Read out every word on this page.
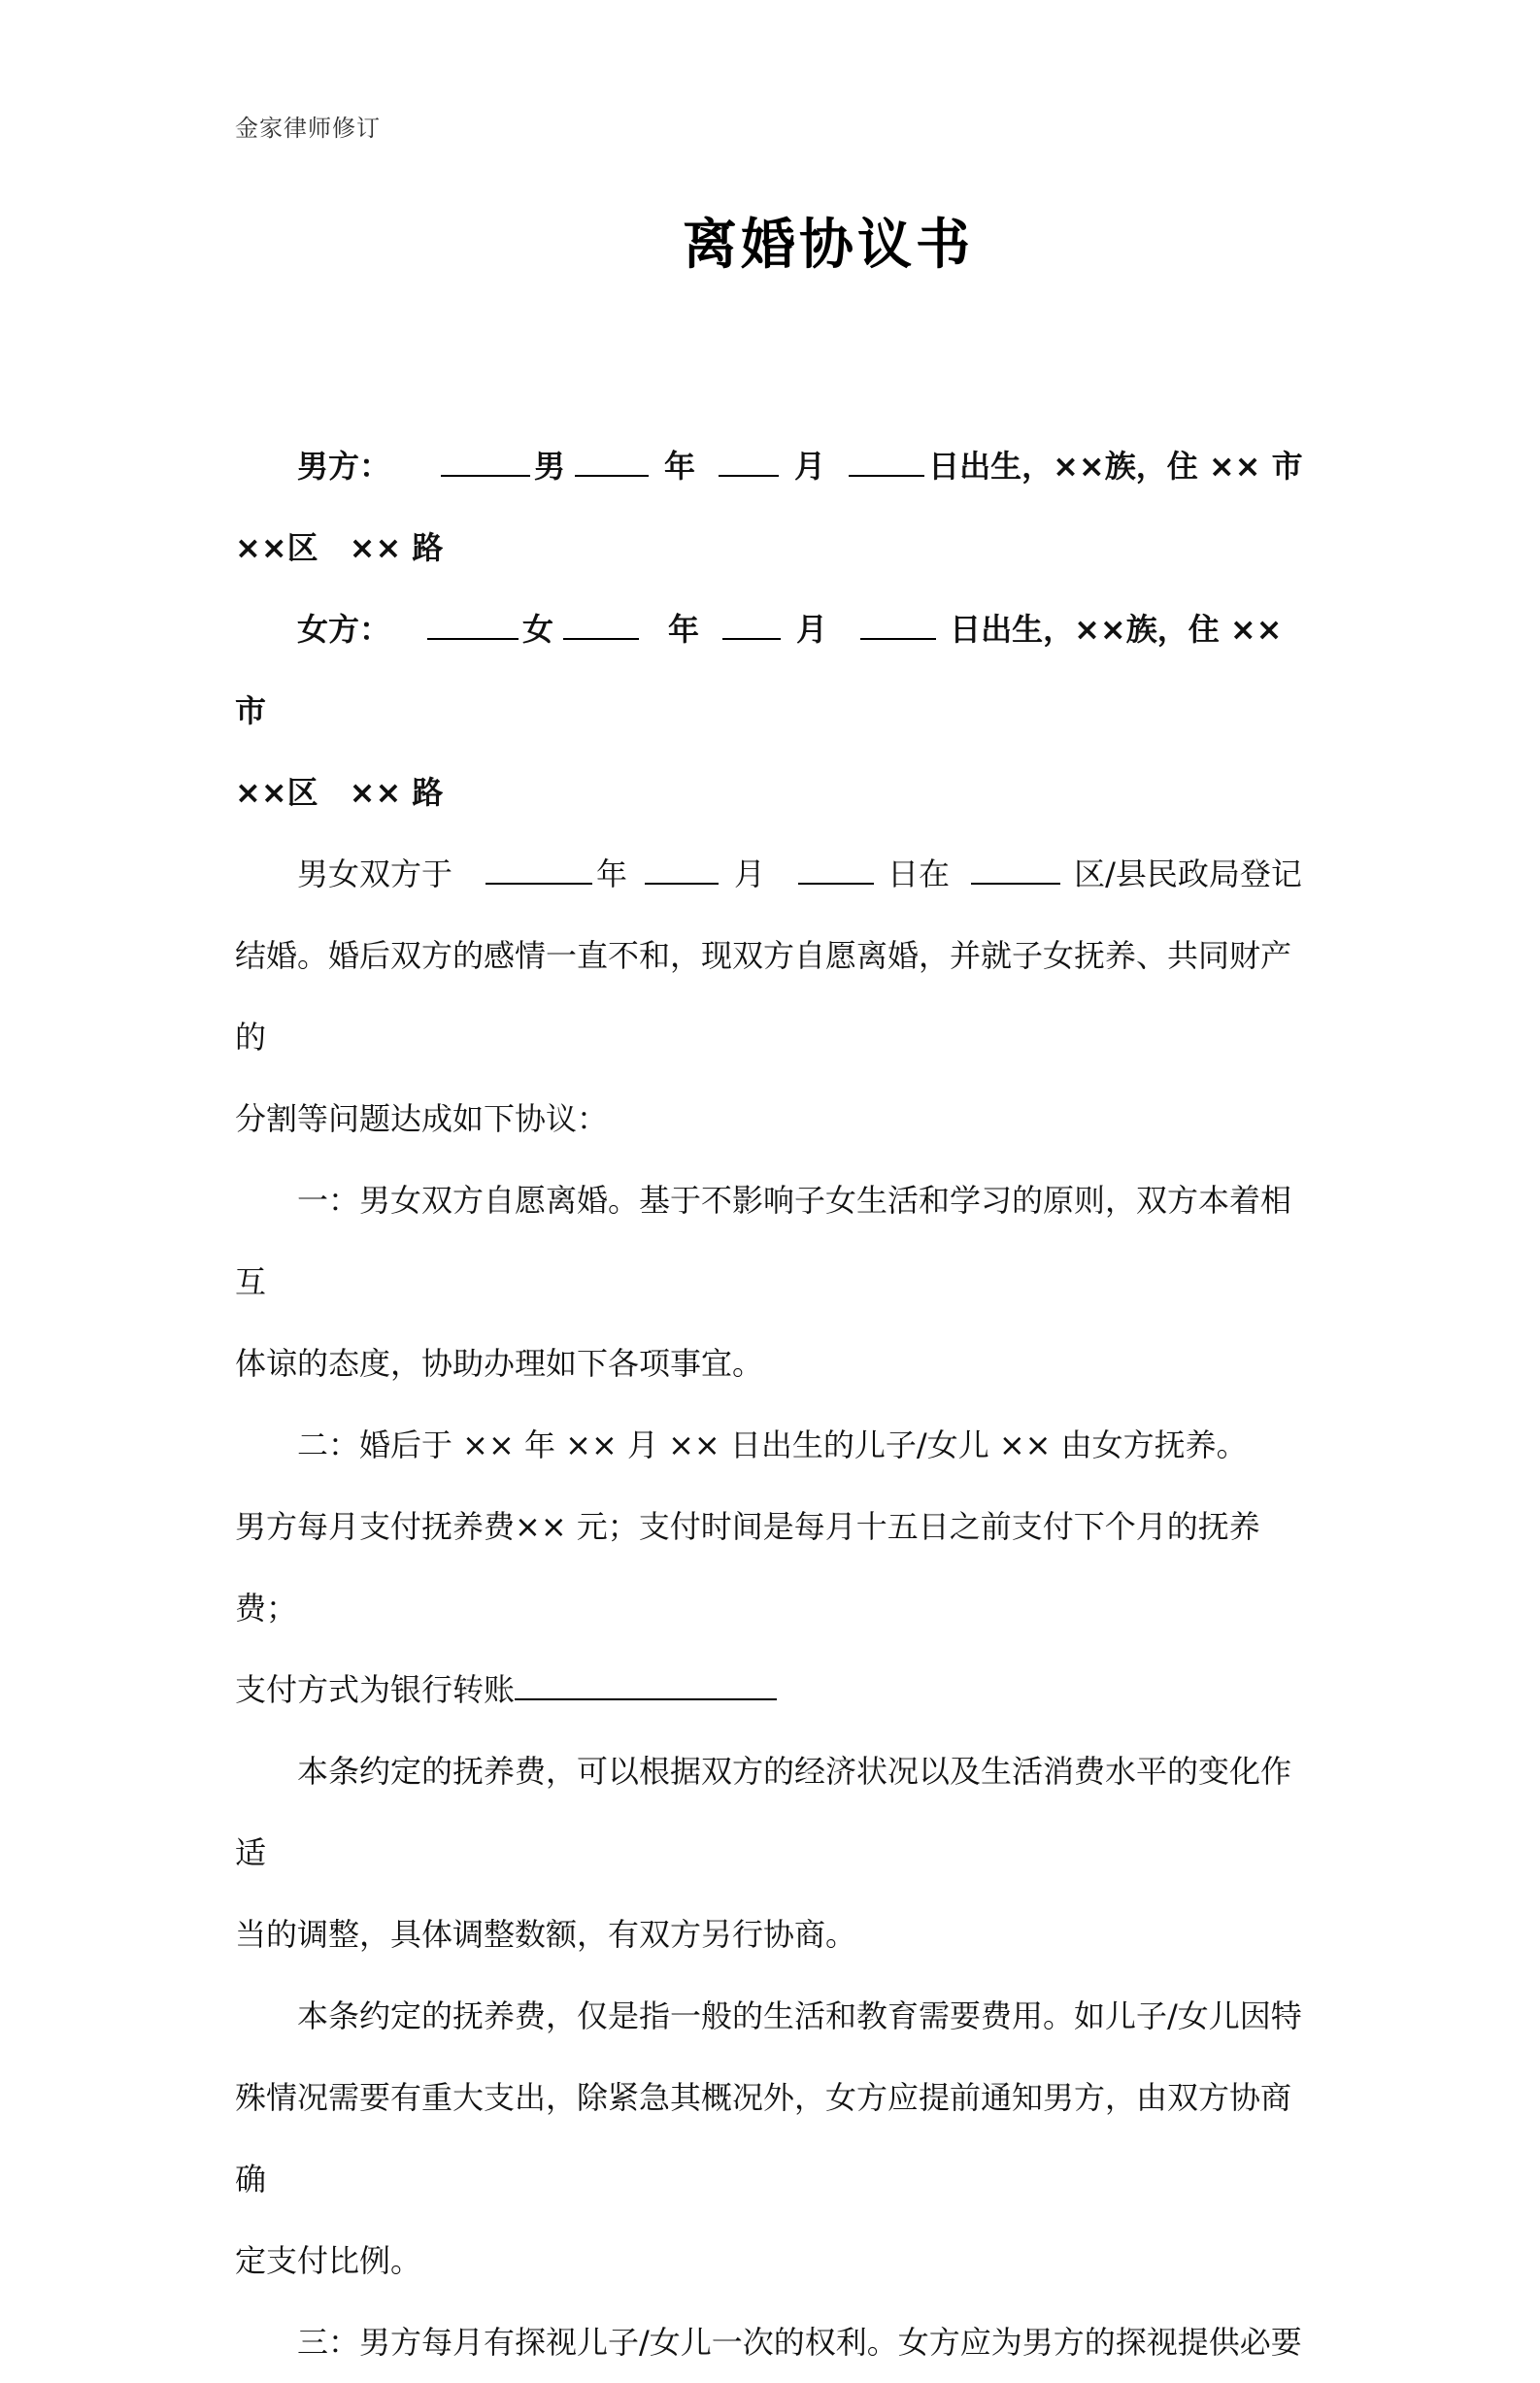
金家律师修订
离婚协议书

男方：	男	年	月	日出生，××族，住 ×× 市

××区　×× 路

女方：	女	年	月	日出生，××族，住 ×× 市

××区　×× 路

男女双方于	年	月	日在	区/县民政局登记

结婚。婚后双方的感情一直不和，现双方自愿离婚，并就子女抚养、共同财产的

分割等问题达成如下协议：

一：男女双方自愿离婚。基于不影响子女生活和学习的原则，双方本着相互

体谅的态度，协助办理如下各项事宜。

二：婚后于 ×× 年 ×× 月 ×× 日出生的儿子/女儿 ×× 由女方抚养。

男方每月支付抚养费×× 元；支付时间是每月十五日之前支付下个月的抚养费；

支付方式为银行转账

本条约定的抚养费，可以根据双方的经济状况以及生活消费水平的变化作适

当的调整，具体调整数额，有双方另行协商。

本条约定的抚养费，仅是指一般的生活和教育需要费用。如儿子/女儿因特

殊情况需要有重大支出，除紧急其概况外，女方应提前通知男方，由双方协商确

定支付比例。

三：男方每月有探视儿子/女儿一次的权利。女方应为男方的探视提供必要
